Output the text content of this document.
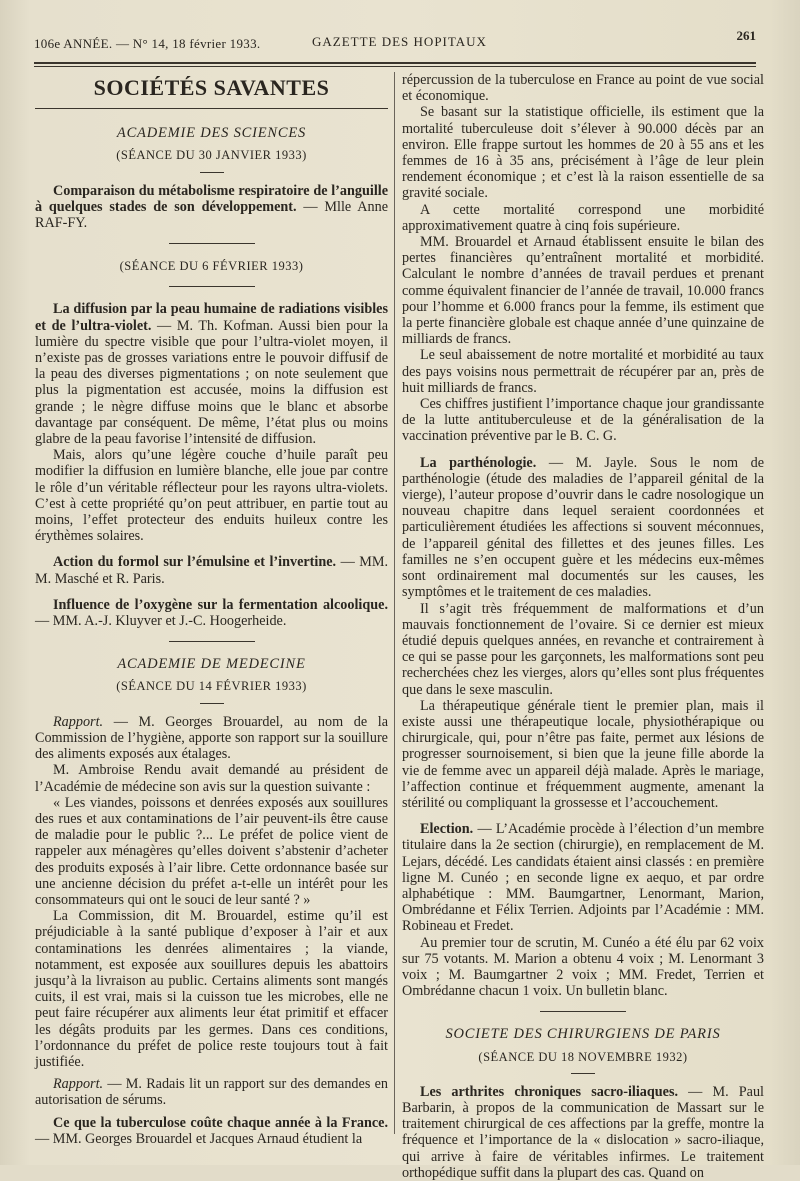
106e ANNÉE. — N° 14, 18 février 1933.	GAZETTE DES HOPITAUX	261
SOCIÉTÉS SAVANTES
ACADEMIE DES SCIENCES
(SÉANCE DU 30 JANVIER 1933)

Comparaison du métabolisme respiratoire de l’anguille à quelques stades de son développement. — Mlle Anne RAF-FY.

(SÉANCE DU 6 FÉVRIER 1933)

La diffusion par la peau humaine de radiations visibles et de l’ultra-violet. — M. Th. Kofman. Aussi bien pour la lumière du spectre visible que pour l’ultra-violet moyen, il n’existe pas de grosses variations entre le pouvoir diffusif de la peau des diverses pigmentations ; on note seulement que plus la pigmentation est accusée, moins la diffusion est grande ; le nègre diffuse moins que le blanc et absorbe davantage par conséquent. De même, l’état plus ou moins glabre de la peau favorise l’intensité de diffusion.

Mais, alors qu’une légère couche d’huile paraît peu modifier la diffusion en lumière blanche, elle joue par contre le rôle d’un véritable réflecteur pour les rayons ultra-violets. C’est à cette propriété qu’on peut attribuer, en partie tout au moins, l’effet protecteur des enduits huileux contre les érythèmes solaires.

Action du formol sur l’émulsine et l’invertine. — MM. M. Masché et R. Paris.

Influence de l’oxygène sur la fermentation alcoolique. — MM. A.-J. Kluyver et J.-C. Hoogerheide.

ACADEMIE DE MEDECINE
(SÉANCE DU 14 FÉVRIER 1933)

Rapport. — M. Georges Brouardel, au nom de la Commission de l’hygiène, apporte son rapport sur la souillure des aliments exposés aux étalages.

M. Ambroise Rendu avait demandé au président de l’Académie de médecine son avis sur la question suivante :

« Les viandes, poissons et denrées exposés aux souillures des rues et aux contaminations de l’air peuvent-ils être cause de maladie pour le public ?... Le préfet de police vient de rappeler aux ménagères qu’elles doivent s’abstenir d’acheter des produits exposés à l’air libre. Cette ordonnance basée sur une ancienne décision du préfet a-t-elle un intérêt pour les consommateurs qui ont le souci de leur santé ? »

La Commission, dit M. Brouardel, estime qu’il est préjudiciable à la santé publique d’exposer à l’air et aux contaminations les denrées alimentaires ; la viande, notamment, est exposée aux souillures depuis les abattoirs jusqu’à la livraison au public. Certains aliments sont mangés cuits, il est vrai, mais si la cuisson tue les microbes, elle ne peut faire récupérer aux aliments leur état primitif et effacer les dégâts produits par les germes. Dans ces conditions, l’ordonnance du préfet de police reste toujours tout à fait justifiée.

Rapport. — M. Radais lit un rapport sur des demandes en autorisation de sérums.

Ce que la tuberculose coûte chaque année à la France. — MM. Georges Brouardel et Jacques Arnaud étudient la

répercussion de la tuberculose en France au point de vue social et économique.

Se basant sur la statistique officielle, ils estiment que la mortalité tuberculeuse doit s’élever à 90.000 décès par an environ. Elle frappe surtout les hommes de 20 à 55 ans et les femmes de 16 à 35 ans, précisément à l’âge de leur plein rendement économique ; et c’est là la raison essentielle de sa gravité sociale.

A cette mortalité correspond une morbidité approximativement quatre à cinq fois supérieure.

MM. Brouardel et Arnaud établissent ensuite le bilan des pertes financières qu’entraînent mortalité et morbidité. Calculant le nombre d’années de travail perdues et prenant comme équivalent financier de l’année de travail, 10.000 francs pour l’homme et 6.000 francs pour la femme, ils estiment que la perte financière globale est chaque année d’une quinzaine de milliards de francs.

Le seul abaissement de notre mortalité et morbidité au taux des pays voisins nous permettrait de récupérer par an, près de huit milliards de francs.

Ces chiffres justifient l’importance chaque jour grandissante de la lutte antituberculeuse et de la généralisation de la vaccination préventive par le B. C. G.

La parthénologie. — M. Jayle. Sous le nom de parthénologie (étude des maladies de l’appareil génital de la vierge), l’auteur propose d’ouvrir dans le cadre nosologique un nouveau chapitre dans lequel seraient coordonnées et particulièrement étudiées les affections si souvent méconnues, de l’appareil génital des fillettes et des jeunes filles. Les familles ne s’en occupent guère et les médecins eux-mêmes sont ordinairement mal documentés sur les causes, les symptômes et le traitement de ces maladies.

Il s’agit très fréquemment de malformations et d’un mauvais fonctionnement de l’ovaire. Si ce dernier est mieux étudié depuis quelques années, en revanche et contrairement à ce qui se passe pour les garçonnets, les malformations sont peu recherchées chez les vierges, alors qu’elles sont plus fréquentes que dans le sexe masculin.

La thérapeutique générale tient le premier plan, mais il existe aussi une thérapeutique locale, physiothérapique ou chirurgicale, qui, pour n’être pas faite, permet aux lésions de progresser sournoisement, si bien que la jeune fille aborde la vie de femme avec un appareil déjà malade. Après le mariage, l’affection continue et fréquemment augmente, amenant la stérilité ou compliquant la grossesse et l’accouchement.

Election. — L’Académie procède à l’élection d’un membre titulaire dans la 2e section (chirurgie), en remplacement de M. Lejars, décédé. Les candidats étaient ainsi classés : en première ligne M. Cunéo ; en seconde ligne ex aequo, et par ordre alphabétique : MM. Baumgartner, Lenormant, Marion, Ombrédanne et Félix Terrien. Adjoints par l’Académie : MM. Robineau et Fredet.

Au premier tour de scrutin, M. Cunéo a été élu par 62 voix sur 75 votants. M. Marion a obtenu 4 voix ; M. Lenormant 3 voix ; M. Baumgartner 2 voix ; MM. Fredet, Terrien et Ombrédanne chacun 1 voix. Un bulletin blanc.

SOCIETE DES CHIRURGIENS DE PARIS
(SÉANCE DU 18 NOVEMBRE 1932)

Les arthrites chroniques sacro-iliaques. — M. Paul Barbarin, à propos de la communication de Massart sur le traitement chirurgical de ces affections par la greffe, montre la fréquence et l’importance de la « dislocation » sacro-iliaque, qui arrive à faire de véritables infirmes. Le traitement orthopédique suffit dans la plupart des cas. Quand on
